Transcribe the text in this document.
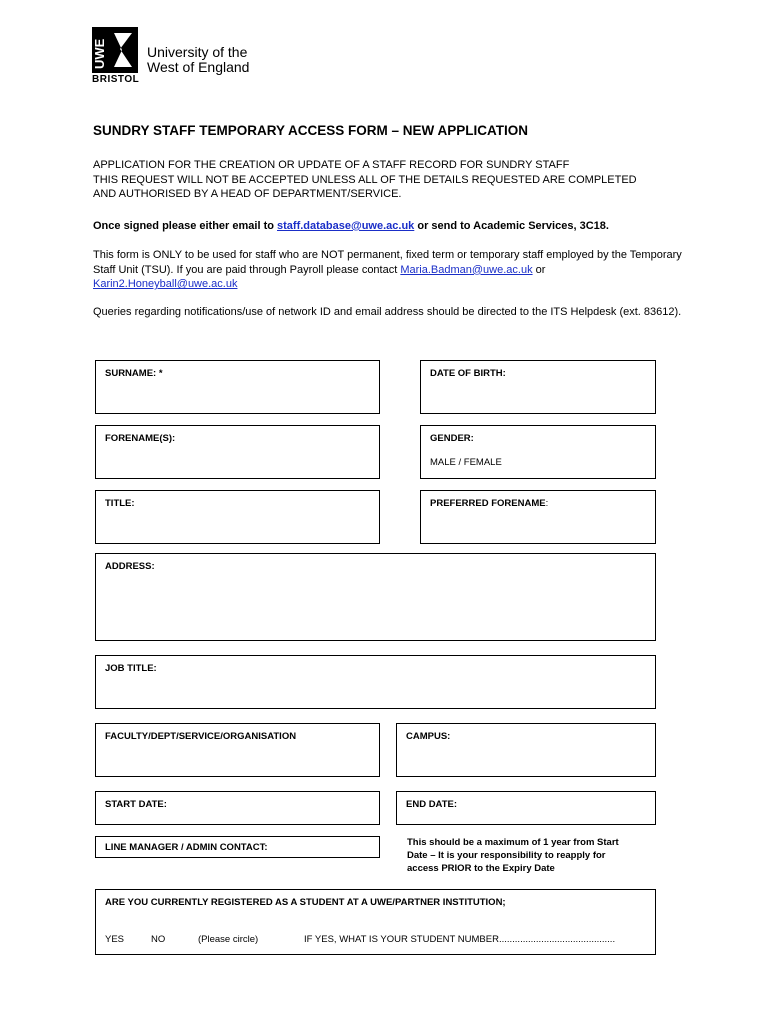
UWE	University of the
West of England
BRISTOL
SUNDRY STAFF TEMPORARY ACCESS FORM – NEW APPLICATION
APPLICATION FOR THE CREATION OR UPDATE OF A STAFF RECORD FOR SUNDRY STAFF
THIS REQUEST WILL NOT BE ACCEPTED UNLESS ALL OF THE DETAILS REQUESTED ARE COMPLETED
AND AUTHORISED BY A HEAD OF DEPARTMENT/SERVICE.
Once signed please either email to staff.database@uwe.ac.uk or send to Academic Services, 3C18.
This form is ONLY to be used for staff who are NOT permanent, fixed term or temporary staff employed by the Temporary Staff Unit (TSU). If you are paid through Payroll please contact Maria.Badman@uwe.ac.uk or Karin2.Honeyball@uwe.ac.uk
Queries regarding notifications/use of network ID and email address should be directed to the ITS Helpdesk (ext. 83612).
SURNAME: *	DATE OF BIRTH:
FORENAME(S):	GENDER:
MALE / FEMALE
TITLE:	PREFERRED FORENAME:
ADDRESS:
JOB TITLE:
FACULTY/DEPT/SERVICE/ORGANISATION	CAMPUS:
START DATE:	END DATE:
LINE MANAGER / ADMIN CONTACT:	This should be a maximum of 1 year from Start
Date – It is your responsibility to reapply for
access PRIOR to the Expiry Date
ARE YOU CURRENTLY REGISTERED AS A STUDENT AT A UWE/PARTNER INSTITUTION;
YES	NO	(Please circle)	IF YES, WHAT IS YOUR STUDENT NUMBER............................................
